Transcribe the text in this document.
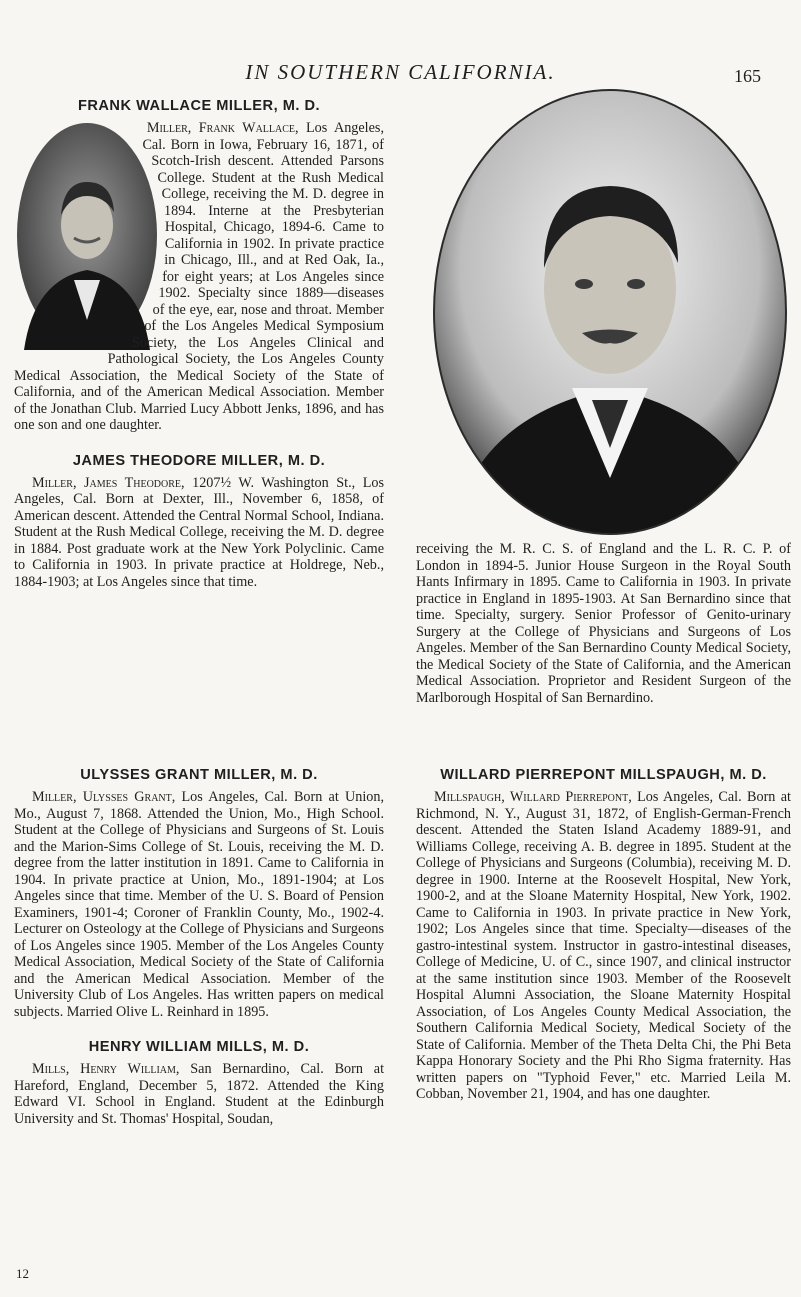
IN SOUTHERN CALIFORNIA.	165
FRANK WALLACE MILLER, M. D.

Miller, Frank Wallace, Los Angeles, Cal. Born in Iowa, February 16, 1871, of Scotch-Irish descent. Attended Parsons College. Student at the Rush Medical College, receiving the M. D. degree in 1894. Interne at the Presbyterian Hospital, Chicago, 1894-6. Came to California in 1902. In private practice in Chicago, Ill., and at Red Oak, Ia., for eight years; at Los Angeles since 1902. Specialty since 1889—diseases of the eye, ear, nose and throat. Member of the Los Angeles Medical Symposium Society, the Los Angeles Clinical and Pathological Society, the Los Angeles County Medical Association, the Medical Society of the State of California, and of the American Medical Association. Member of the Jonathan Club. Married Lucy Abbott Jenks, 1896, and has one son and one daughter.

JAMES THEODORE MILLER, M. D.

Miller, James Theodore, 1207½ W. Washington St., Los Angeles, Cal. Born at Dexter, Ill., November 6, 1858, of American descent. Attended the Central Normal School, Indiana. Student at the Rush Medical College, receiving the M. D. degree in 1884. Post graduate work at the New York Polyclinic. Came to California in 1903. In private practice at Holdrege, Neb., 1884-1903; at Los Angeles since that time.

receiving the M. R. C. S. of England and the L. R. C. P. of London in 1894-5. Junior House Surgeon in the Royal South Hants Infirmary in 1895. Came to California in 1903. In private practice in England in 1895-1903. At San Bernardino since that time. Specialty, surgery. Senior Professor of Genito-urinary Surgery at the College of Physicians and Surgeons of Los Angeles. Member of the San Bernardino County Medical Society, the Medical Society of the State of California, and the American Medical Association. Proprietor and Resident Surgeon of the Marlborough Hospital of San Bernardino.

ULYSSES GRANT MILLER, M. D.

Miller, Ulysses Grant, Los Angeles, Cal. Born at Union, Mo., August 7, 1868. Attended the Union, Mo., High School. Student at the College of Physicians and Surgeons of St. Louis and the Marion-Sims College of St. Louis, receiving the M. D. degree from the latter institution in 1891. Came to California in 1904. In private practice at Union, Mo., 1891-1904; at Los Angeles since that time. Member of the U. S. Board of Pension Examiners, 1901-4; Coroner of Franklin County, Mo., 1902-4. Lecturer on Osteology at the College of Physicians and Surgeons of Los Angeles since 1905. Member of the Los Angeles County Medical Association, Medical Society of the State of California and the American Medical Association. Member of the University Club of Los Angeles. Has written papers on medical subjects. Married Olive L. Reinhard in 1895.

HENRY WILLIAM MILLS, M. D.

Mills, Henry William, San Bernardino, Cal. Born at Hareford, England, December 5, 1872. Attended the King Edward VI. School in England. Student at the Edinburgh University and St. Thomas' Hospital, Soudan,

WILLARD PIERREPONT MILLSPAUGH, M. D.

Millspaugh, Willard Pierrepont, Los Angeles, Cal. Born at Richmond, N. Y., August 31, 1872, of English-German-French descent. Attended the Staten Island Academy 1889-91, and Williams College, receiving A. B. degree in 1895. Student at the College of Physicians and Surgeons (Columbia), receiving M. D. degree in 1900. Interne at the Roosevelt Hospital, New York, 1900-2, and at the Sloane Maternity Hospital, New York, 1902. Came to California in 1903. In private practice in New York, 1902; Los Angeles since that time. Specialty—diseases of the gastro-intestinal system. Instructor in gastro-intestinal diseases, College of Medicine, U. of C., since 1907, and clinical instructor at the same institution since 1903. Member of the Roosevelt Hospital Alumni Association, the Sloane Maternity Hospital Association, of Los Angeles County Medical Association, the Southern California Medical Society, Medical Society of the State of California. Member of the Theta Delta Chi, the Phi Beta Kappa Honorary Society and the Phi Rho Sigma fraternity. Has written papers on "Typhoid Fever," etc. Married Leila M. Cobban, November 21, 1904, and has one daughter.

12
